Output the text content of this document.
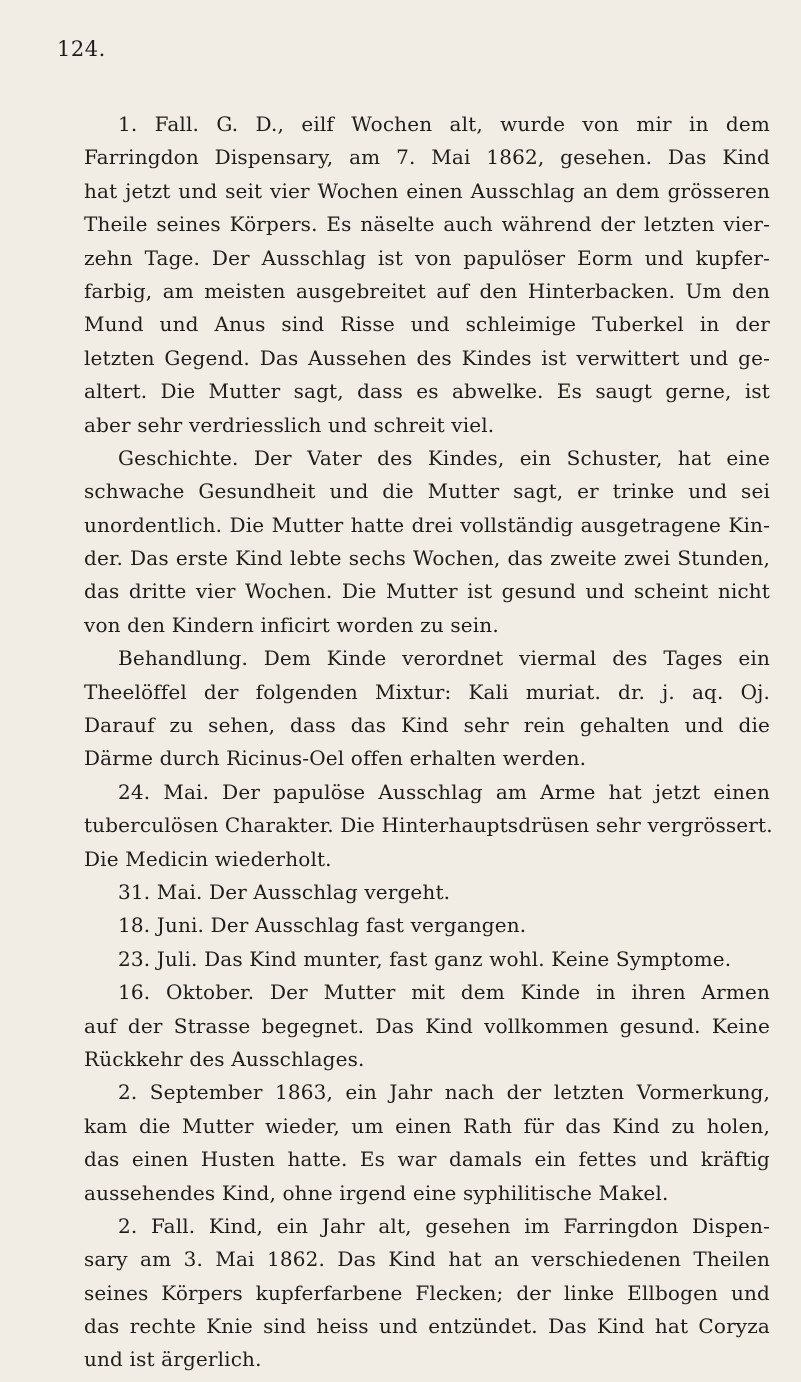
124.
1. Fall. G. D., eilf Wochen alt, wurde von mir in dem
Farringdon Dispensary, am 7. Mai 1862, gesehen. Das Kind
hat jetzt und seit vier Wochen einen Ausschlag an dem grösseren
Theile seines Körpers. Es näselte auch während der letzten vier-
zehn Tage. Der Ausschlag ist von papulöser Eorm und kupfer-
farbig, am meisten ausgebreitet auf den Hinterbacken. Um den
Mund und Anus sind Risse und schleimige Tuberkel in der
letzten Gegend. Das Aussehen des Kindes ist verwittert und ge-
altert. Die Mutter sagt, dass es abwelke. Es saugt gerne, ist
aber sehr verdriesslich und schreit viel.
Geschichte. Der Vater des Kindes, ein Schuster, hat eine
schwache Gesundheit und die Mutter sagt, er trinke und sei
unordentlich. Die Mutter hatte drei vollständig ausgetragene Kin-
der. Das erste Kind lebte sechs Wochen, das zweite zwei Stunden,
das dritte vier Wochen. Die Mutter ist gesund und scheint nicht
von den Kindern inficirt worden zu sein.
Behandlung. Dem Kinde verordnet viermal des Tages ein
Theelöffel der folgenden Mixtur: Kali muriat. dr. j. aq. Oj.
Darauf zu sehen, dass das Kind sehr rein gehalten und die
Därme durch Ricinus-Oel offen erhalten werden.
24. Mai. Der papulöse Ausschlag am Arme hat jetzt einen
tuberculösen Charakter. Die Hinterhauptsdrüsen sehr vergrössert.
Die Medicin wiederholt.
31. Mai. Der Ausschlag vergeht.
18. Juni. Der Ausschlag fast vergangen.
23. Juli. Das Kind munter, fast ganz wohl. Keine Symptome.
16. Oktober. Der Mutter mit dem Kinde in ihren Armen
auf der Strasse begegnet. Das Kind vollkommen gesund. Keine
Rückkehr des Ausschlages.
2. September 1863, ein Jahr nach der letzten Vormerkung,
kam die Mutter wieder, um einen Rath für das Kind zu holen,
das einen Husten hatte. Es war damals ein fettes und kräftig
aussehendes Kind, ohne irgend eine syphilitische Makel.
2. Fall. Kind, ein Jahr alt, gesehen im Farringdon Dispen-
sary am 3. Mai 1862. Das Kind hat an verschiedenen Theilen
seines Körpers kupferfarbene Flecken; der linke Ellbogen und
das rechte Knie sind heiss und entzündet. Das Kind hat Coryza
und ist ärgerlich.
